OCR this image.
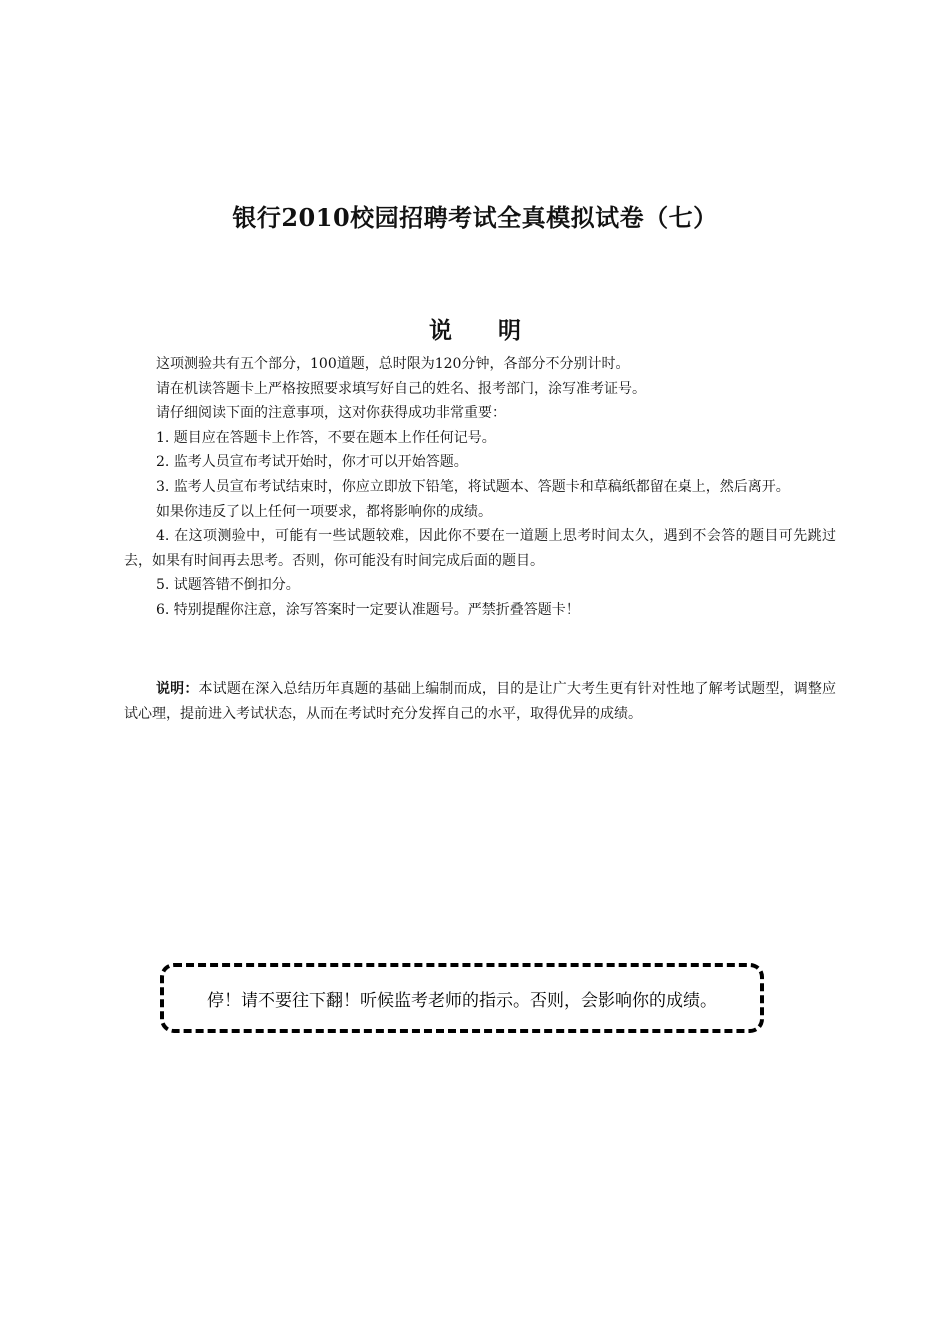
银行2010校园招聘考试全真模拟试卷（七）
说明

这项测验共有五个部分，100道题，总时限为120分钟，各部分不分别计时。

请在机读答题卡上严格按照要求填写好自己的姓名、报考部门，涂写准考证号。

请仔细阅读下面的注意事项，这对你获得成功非常重要：

1. 题目应在答题卡上作答，不要在题本上作任何记号。

2. 监考人员宣布考试开始时，你才可以开始答题。

3. 监考人员宣布考试结束时，你应立即放下铅笔，将试题本、答题卡和草稿纸都留在桌上，然后离开。

如果你违反了以上任何一项要求，都将影响你的成绩。

4. 在这项测验中，可能有一些试题较难，因此你不要在一道题上思考时间太久，遇到不会答的题目可先跳过去，如果有时间再去思考。否则，你可能没有时间完成后面的题目。

5. 试题答错不倒扣分。

6. 特别提醒你注意，涂写答案时一定要认准题号。严禁折叠答题卡！

说明：本试题在深入总结历年真题的基础上编制而成，目的是让广大考生更有针对性地了解考试题型，调整应试心理，提前进入考试状态，从而在考试时充分发挥自己的水平，取得优异的成绩。

停！请不要往下翻！听候监考老师的指示。否则，会影响你的成绩。
